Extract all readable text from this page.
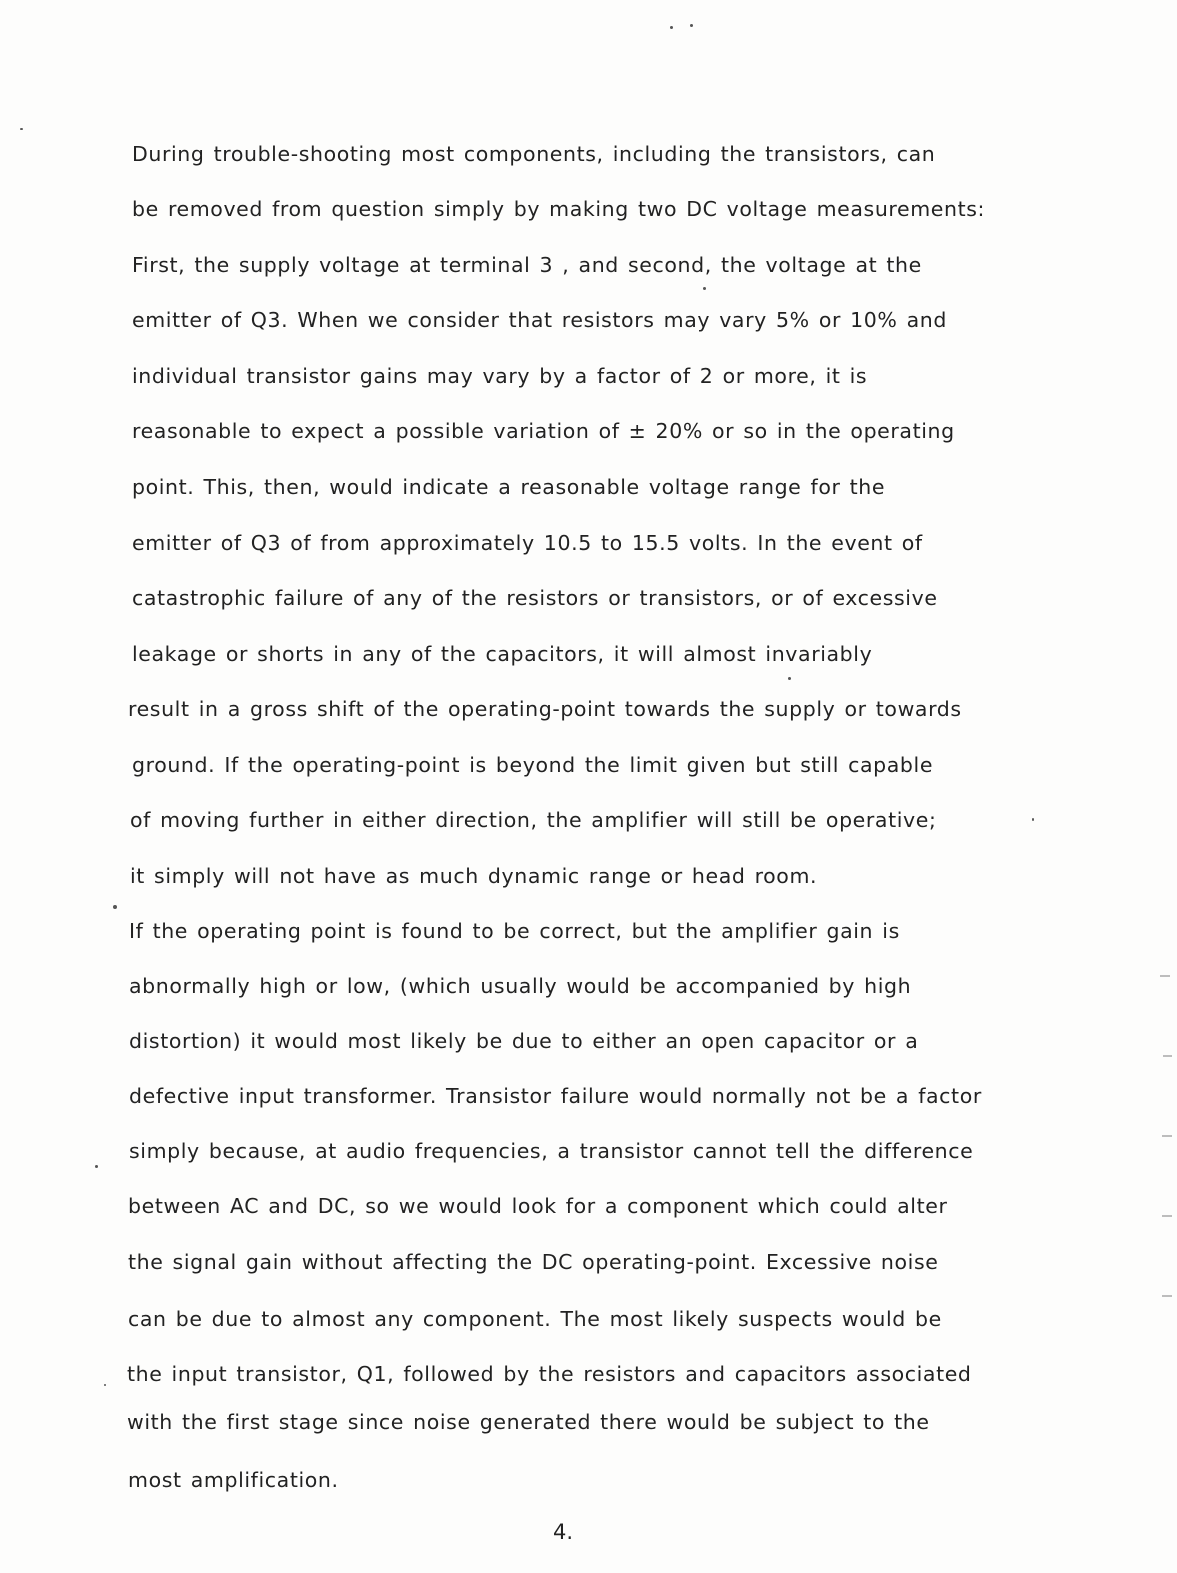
During trouble-shooting most components, including the transistors, can
be removed from question simply by making two DC voltage measurements:
First, the supply voltage at terminal 3 , and second, the voltage at the
emitter of Q3. When we consider that resistors may vary 5% or 10% and
individual transistor gains may vary by a factor of 2 or more, it is
reasonable to expect a possible variation of ± 20% or so in the operating
point. This, then, would indicate a reasonable voltage range for the
emitter of Q3 of from approximately 10.5 to 15.5 volts. In the event of
catastrophic failure of any of the resistors or transistors, or of excessive
leakage or shorts in any of the capacitors, it will almost invariably
result in a gross shift of the operating-point towards the supply or towards
ground. If the operating-point is beyond the limit given but still capable
of moving further in either direction, the amplifier will still be operative;
it simply will not have as much dynamic range or head room.
If the operating point is found to be correct, but the amplifier gain is
abnormally high or low, (which usually would be accompanied by high
distortion) it would most likely be due to either an open capacitor or a
defective input transformer. Transistor failure would normally not be a factor
simply because, at audio frequencies, a transistor cannot tell the difference
between AC and DC, so we would look for a component which could alter
the signal gain without affecting the DC operating-point. Excessive noise
can be due to almost any component. The most likely suspects would be
the input transistor, Q1, followed by the resistors and capacitors associated
with the first stage since noise generated there would be subject to the
most amplification.
4.
